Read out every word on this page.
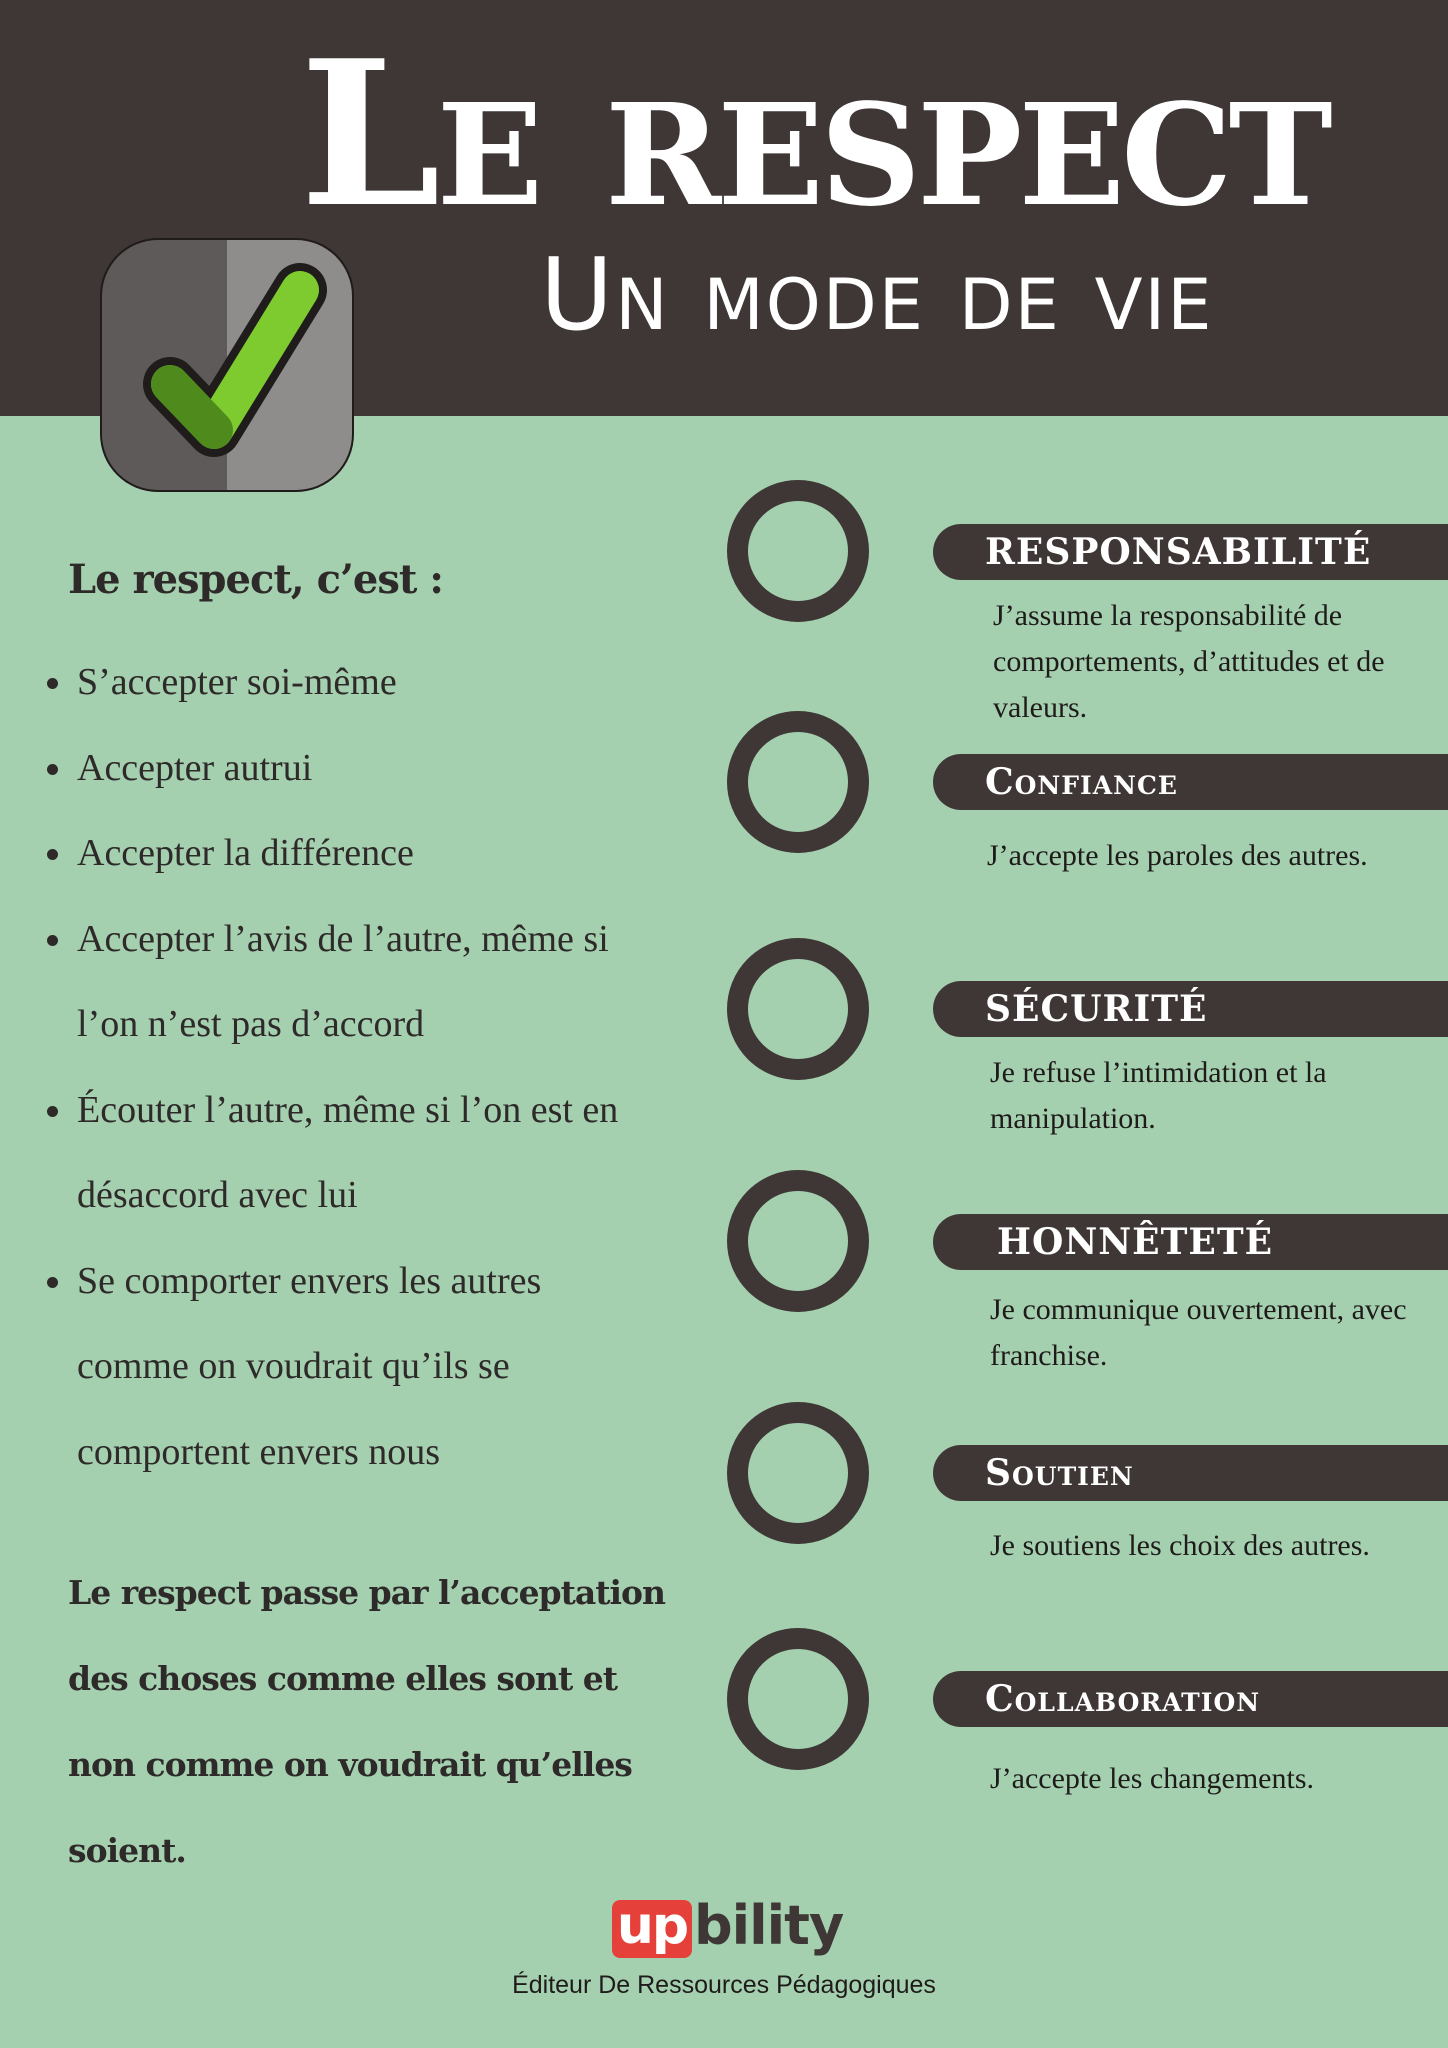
Le respect
Un mode de vie
Le respect, c’est :
S’accepter soi-même
Accepter autrui
Accepter la différence
Accepter l’avis de l’autre, même si l’on n’est pas d’accord
Écouter l’autre, même si l’on est en désaccord avec lui
Se comporter envers les autres comme on voudrait qu’ils se comportent envers nous

Le respect passe par l’acceptation des choses comme elles sont et non comme on voudrait qu’elles soient.

RESPONSABILITÉ

J’assume la responsabilité de comportements, d’attitudes et de valeurs.

Confiance

J’accepte les paroles des autres.

SÉCURITÉ

Je refuse l’intimidation et la manipulation.

HONNÊTETÉ

Je communique ouvertement, avec franchise.

Soutien

Je soutiens les choix des autres.

Collaboration

J’accepte les changements.

up bility
Éditeur De Ressources Pédagogiques
